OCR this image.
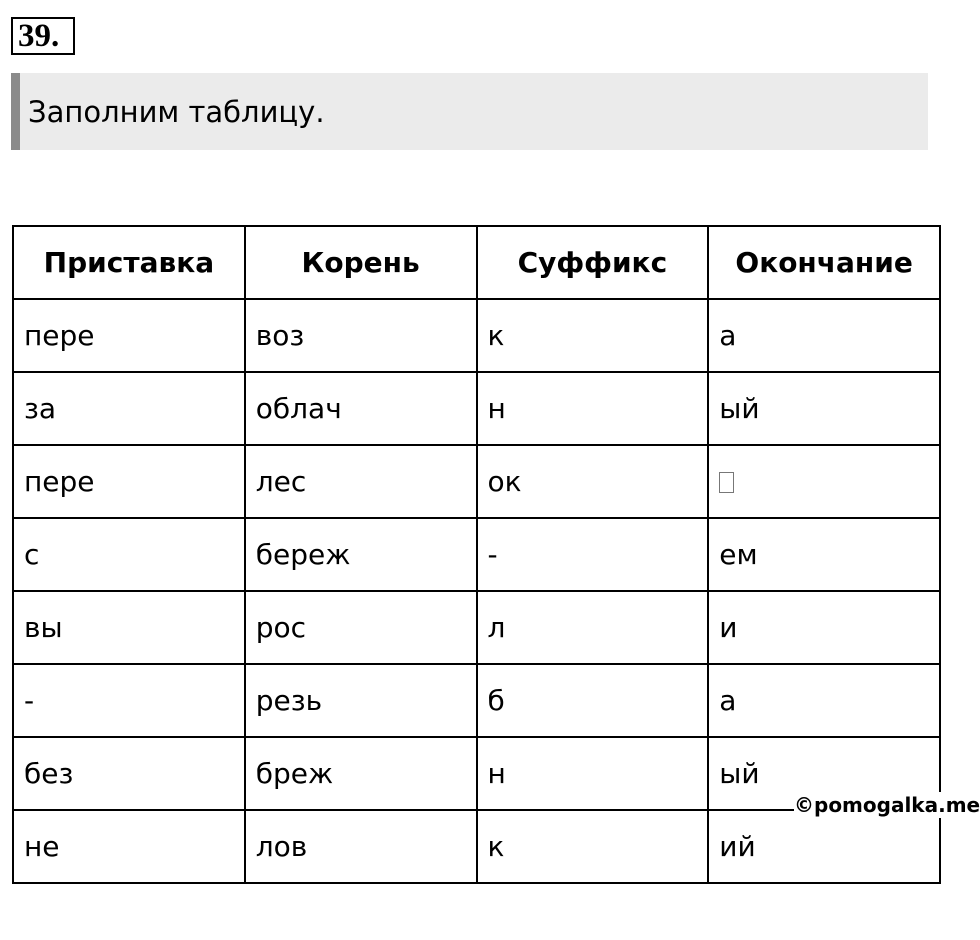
39.
Заполним таблицу.
Приставка	Корень	Суффикс	Окончание
пере	воз	к	а
за	облач	н	ый
пере	лес	ок	
с	береж	-	ем
вы	рос	л	и
-	резь	б	а
без	бреж	н	ый
не	лов	к	ий
©pomogalka.me
